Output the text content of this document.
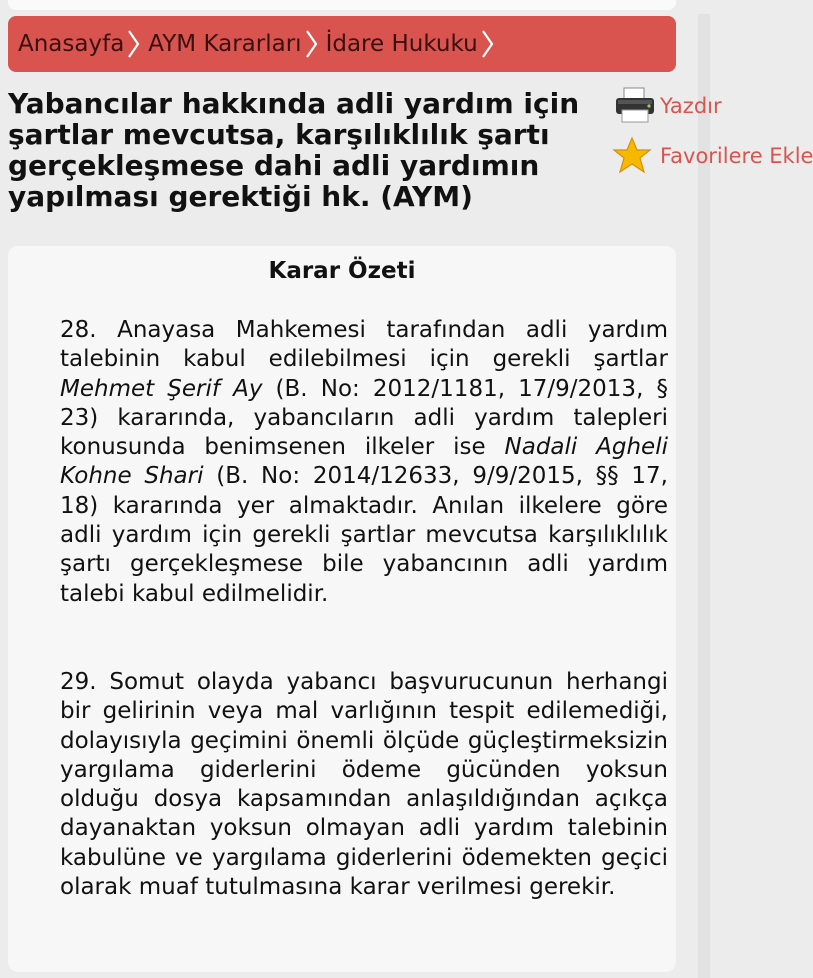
Anasayfa AYM Kararları İdare Hukuku
Yabancılar hakkında adli yardım için şartlar mevcutsa, karşılıklılık şartı gerçekleşmese dahi adli yardımın yapılması gerektiği hk. (AYM)
Yazdır
Favorilere Ekle
Karar Özeti

28. Anayasa Mahkemesi tarafından adli yardım talebinin kabul edilebilmesi için gerekli şartlar Mehmet Şerif Ay (B. No: 2012/1181, 17/9/2013, § 23) kararında, yabancıların adli yardım talepleri konusunda benimsenen ilkeler ise Nadali Agheli Kohne Shari (B. No: 2014/12633, 9/9/2015, §§ 17, 18) kararında yer almaktadır. Anılan ilkelere göre adli yardım için gerekli şartlar mevcutsa karşılıklılık şartı gerçekleşmese bile yabancının adli yardım talebi kabul edilmelidir.

29. Somut olayda yabancı başvurucunun herhangi bir gelirinin veya mal varlığının tespit edilemediği, dolayısıyla geçimini önemli ölçüde güçleştirmeksizin yargılama giderlerini ödeme gücünden yoksun olduğu dosya kapsamından anlaşıldığından açıkça dayanaktan yoksun olmayan adli yardım talebinin kabulüne ve yargılama giderlerini ödemekten geçici olarak muaf tutulmasına karar verilmesi gerekir.
